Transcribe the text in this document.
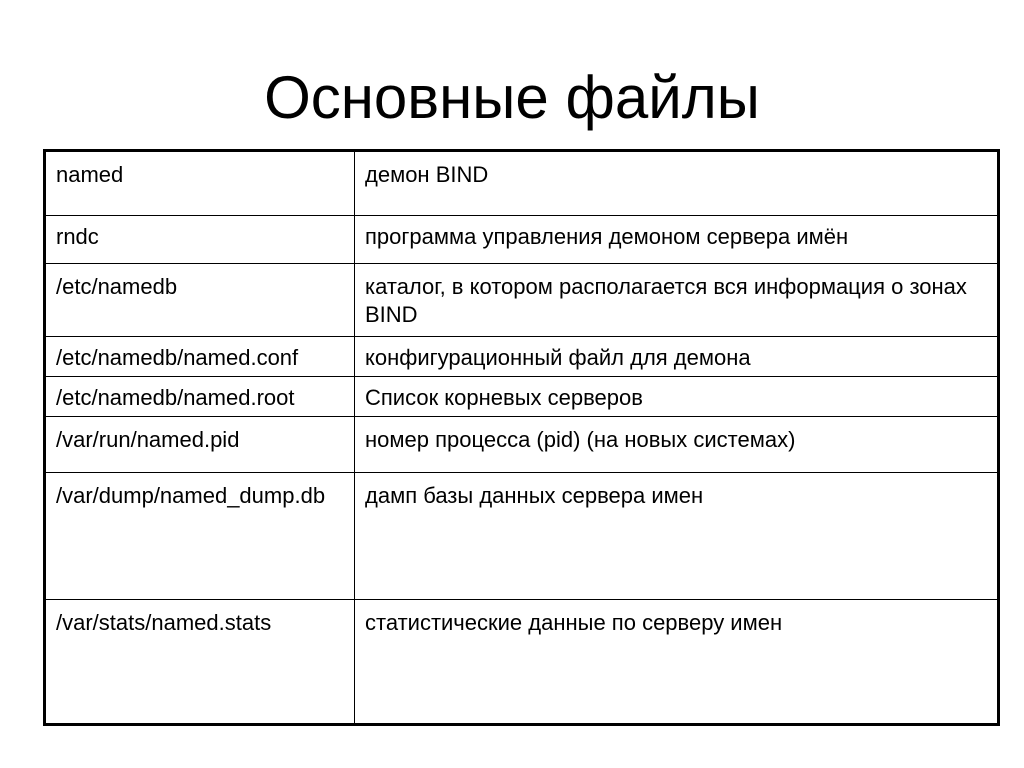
Основные файлы
named	демон BIND
rndc	программа управления демоном сервера имён
/etc/namedb	каталог, в котором располагается вся информация о зонах BIND
/etc/namedb/named.conf	конфигурационный файл для демона
/etc/namedb/named.root	Список корневых серверов
/var/run/named.pid	номер процесса (pid) (на новых системах)
/var/dump/named_dump.db	дамп базы данных сервера имен
/var/stats/named.stats	статистические данные по серверу имен
